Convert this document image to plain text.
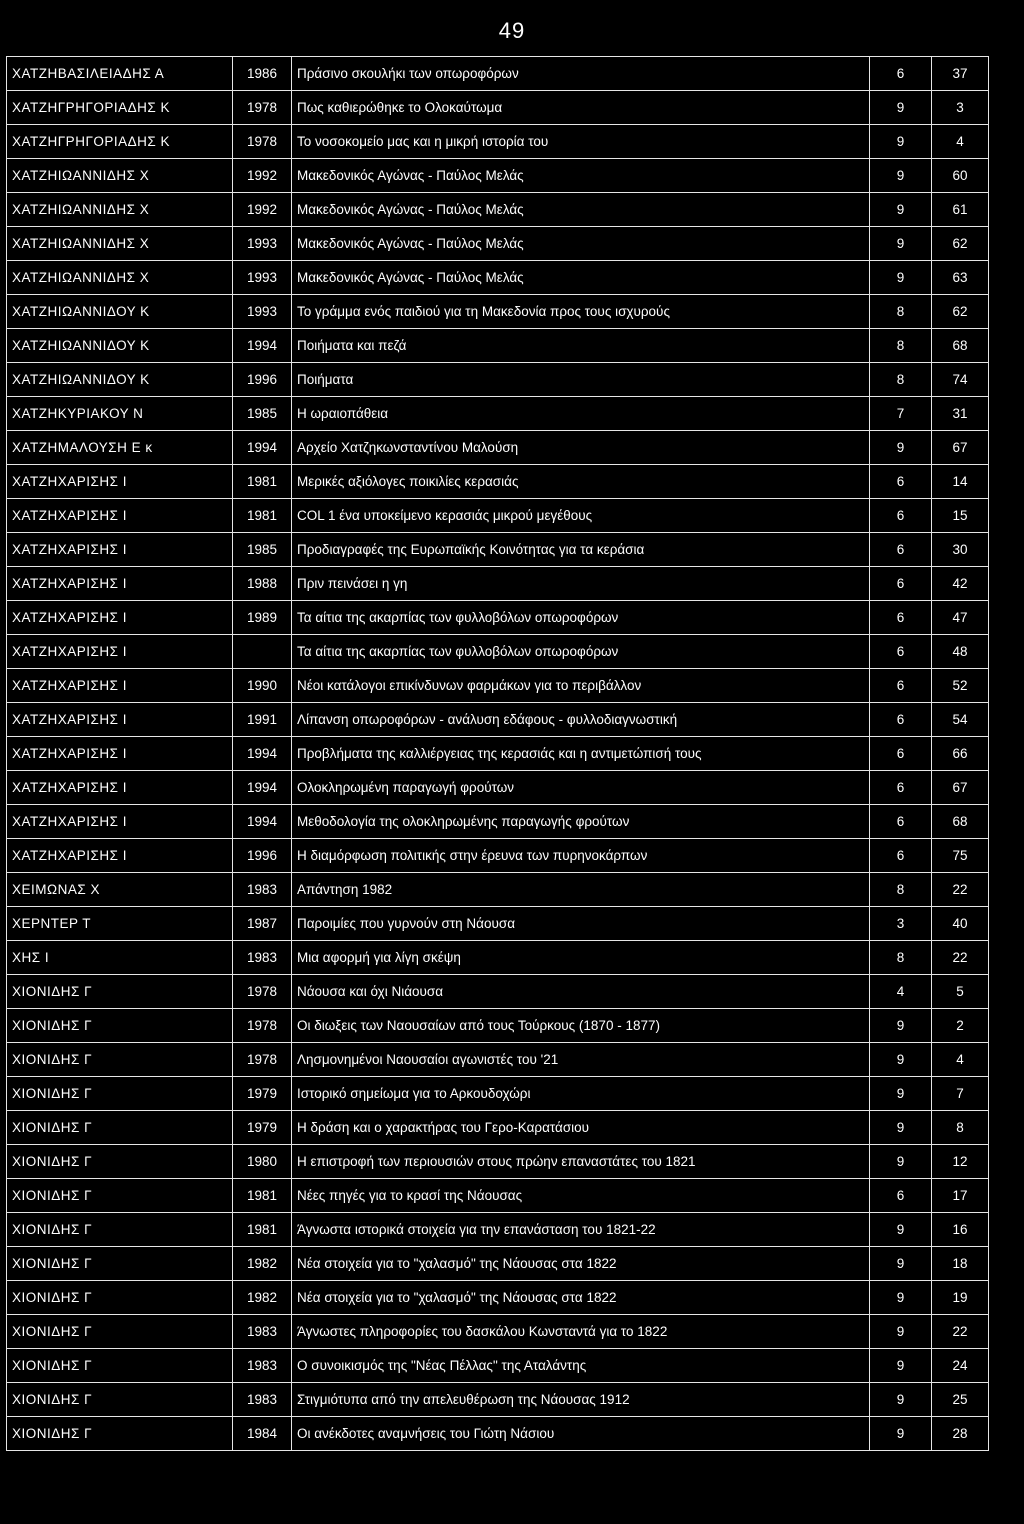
49
ΧΑΤΖΗΒΑΣΙΛΕΙΑΔΗΣ Α	1986	Πράσινο σκουλήκι των οπωροφόρων	6	37
ΧΑΤΖΗΓΡΗΓΟΡΙΑΔΗΣ Κ	1978	Πως καθιερώθηκε το Ολοκαύτωμα	9	3
ΧΑΤΖΗΓΡΗΓΟΡΙΑΔΗΣ Κ	1978	Το νοσοκομείο μας και η μικρή ιστορία του	9	4
ΧΑΤΖΗΙΩΑΝΝΙΔΗΣ Χ	1992	Μακεδονικός Αγώνας - Παύλος Μελάς	9	60
ΧΑΤΖΗΙΩΑΝΝΙΔΗΣ Χ	1992	Μακεδονικός Αγώνας - Παύλος Μελάς	9	61
ΧΑΤΖΗΙΩΑΝΝΙΔΗΣ Χ	1993	Μακεδονικός Αγώνας - Παύλος Μελάς	9	62
ΧΑΤΖΗΙΩΑΝΝΙΔΗΣ Χ	1993	Μακεδονικός Αγώνας - Παύλος Μελάς	9	63
ΧΑΤΖΗΙΩΑΝΝΙΔΟΥ Κ	1993	Το γράμμα ενός παιδιού για τη Μακεδονία προς τους ισχυρούς	8	62
ΧΑΤΖΗΙΩΑΝΝΙΔΟΥ Κ	1994	Ποιήματα και πεζά	8	68
ΧΑΤΖΗΙΩΑΝΝΙΔΟΥ Κ	1996	Ποιήματα	8	74
ΧΑΤΖΗΚΥΡΙΑΚΟΥ Ν	1985	Η ωραιοπάθεια	7	31
ΧΑΤΖΗΜΑΛΟΥΣΗ Ε κ	1994	Αρχείο Χατζηκωνσταντίνου Μαλούση	9	67
ΧΑΤΖΗΧΑΡΙΣΗΣ Ι	1981	Μερικές αξιόλογες ποικιλίες κερασιάς	6	14
ΧΑΤΖΗΧΑΡΙΣΗΣ Ι	1981	COL 1 ένα υποκείμενο κερασιάς μικρού μεγέθους	6	15
ΧΑΤΖΗΧΑΡΙΣΗΣ Ι	1985	Προδιαγραφές της Ευρωπαϊκής Κοινότητας για τα κεράσια	6	30
ΧΑΤΖΗΧΑΡΙΣΗΣ Ι	1988	Πριν πεινάσει η γη	6	42
ΧΑΤΖΗΧΑΡΙΣΗΣ Ι	1989	Τα αίτια της ακαρπίας των φυλλοβόλων οπωροφόρων	6	47
ΧΑΤΖΗΧΑΡΙΣΗΣ Ι		Τα αίτια της ακαρπίας των φυλλοβόλων οπωροφόρων	6	48
ΧΑΤΖΗΧΑΡΙΣΗΣ Ι	1990	Νέοι κατάλογοι επικίνδυνων φαρμάκων για το περιβάλλον	6	52
ΧΑΤΖΗΧΑΡΙΣΗΣ Ι	1991	Λίπανση οπωροφόρων - ανάλυση εδάφους - φυλλοδιαγνωστική	6	54
ΧΑΤΖΗΧΑΡΙΣΗΣ Ι	1994	Προβλήματα της καλλιέργειας της κερασιάς και η αντιμετώπισή τους	6	66
ΧΑΤΖΗΧΑΡΙΣΗΣ Ι	1994	Ολοκληρωμένη παραγωγή φρούτων	6	67
ΧΑΤΖΗΧΑΡΙΣΗΣ Ι	1994	Μεθοδολογία της ολοκληρωμένης παραγωγής φρούτων	6	68
ΧΑΤΖΗΧΑΡΙΣΗΣ Ι	1996	Η διαμόρφωση πολιτικής στην έρευνα των πυρηνοκάρπων	6	75
ΧΕΙΜΩΝΑΣ Χ	1983	Απάντηση 1982	8	22
ΧΕΡΝΤΕΡ Τ	1987	Παροιμίες που γυρνούν στη Νάουσα	3	40
ΧΗΣ Ι	1983	Μια αφορμή για λίγη σκέψη	8	22
ΧΙΟΝΙΔΗΣ Γ	1978	Νάουσα και όχι Νιάουσα	4	5
ΧΙΟΝΙΔΗΣ Γ	1978	Οι διωξεις των Ναουσαίων από τους Τούρκους (1870 - 1877)	9	2
ΧΙΟΝΙΔΗΣ Γ	1978	Λησμονημένοι Ναουσαίοι αγωνιστές του '21	9	4
ΧΙΟΝΙΔΗΣ Γ	1979	Ιστορικό σημείωμα για το Αρκουδοχώρι	9	7
ΧΙΟΝΙΔΗΣ Γ	1979	Η δράση και ο χαρακτήρας του Γερο-Καρατάσιου	9	8
ΧΙΟΝΙΔΗΣ Γ	1980	Η επιστροφή των περιουσιών στους πρώην επαναστάτες του 1821	9	12
ΧΙΟΝΙΔΗΣ Γ	1981	Νέες πηγές για το κρασί της Νάουσας	6	17
ΧΙΟΝΙΔΗΣ Γ	1981	Άγνωστα ιστορικά στοιχεία για την επανάσταση του 1821-22	9	16
ΧΙΟΝΙΔΗΣ Γ	1982	Νέα στοιχεία για το "χαλασμό" της Νάουσας στα 1822	9	18
ΧΙΟΝΙΔΗΣ Γ	1982	Νέα στοιχεία για το "χαλασμό" της Νάουσας στα 1822	9	19
ΧΙΟΝΙΔΗΣ Γ	1983	Άγνωστες πληροφορίες του δασκάλου Κωνσταντά για το 1822	9	22
ΧΙΟΝΙΔΗΣ Γ	1983	Ο συνοικισμός της "Νέας Πέλλας" της Αταλάντης	9	24
ΧΙΟΝΙΔΗΣ Γ	1983	Στιγμιότυπα από την απελευθέρωση της Νάουσας 1912	9	25
ΧΙΟΝΙΔΗΣ Γ	1984	Οι ανέκδοτες αναμνήσεις του Γιώτη Νάσιου	9	28
